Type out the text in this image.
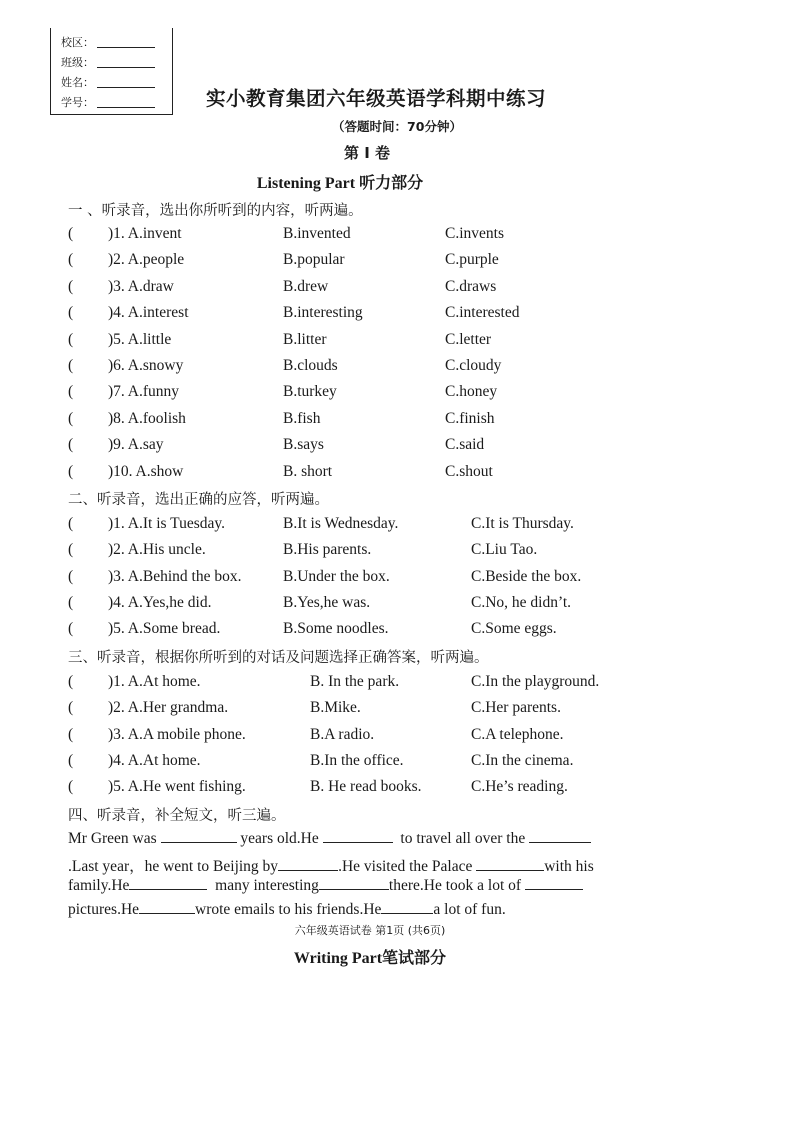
校区：
班级：
姓名：
学号：	实小教育集团六年级英语学科期中练习
（答题时间：70分钟）
第 I 卷
Listening Part 听力部分
一 、听录音，选出你所听到的内容，听两遍。
( )1. A.invent	B.invented	C.invents
( )2. A.people	B.popular	C.purple
( )3. A.draw	B.drew	C.draws
( )4. A.interest	B.interesting	C.interested
( )5. A.little	B.litter	C.letter
( )6. A.snowy	B.clouds	C.cloudy
( )7. A.funny	B.turkey	C.honey
( )8. A.foolish	B.fish	C.finish
( )9. A.say	B.says	C.said
( )10. A.show	B. short	C.shout
二、听录音，选出正确的应答，听两遍。
( )1. A.It is Tuesday.	B.It is Wednesday.	C.It is Thursday.
( )2. A.His uncle.	B.His parents.	C.Liu Tao.
( )3. A.Behind the box.	B.Under the box.	C.Beside the box.
( )4. A.Yes,he did.	B.Yes,he was.	C.No, he didn’t.
( )5. A.Some bread.	B.Some noodles.	C.Some eggs.
三、听录音，根据你所听到的对话及问题选择正确答案，听两遍。
( )1. A.At home.	B. In the park.	C.In the playground.
( )2. A.Her grandma.	B.Mike.	C.Her parents.
( )3. A.A mobile phone.	B.A radio.	C.A telephone.
( )4. A.At home.	B.In the office.	C.In the cinema.
( )5. A.He went fishing.	B. He read books.	C.He’s reading.
四、听录音，补全短文，听三遍。
Mr Green was	years old.He	to travel all over the
.Last year，he went to Beijing by	.He visited the Palace	with his
family.He	many interesting	there.He took a lot of
pictures.He	wrote emails to his friends.He	a lot of fun.
六年级英语试卷 第1页 (共6页)
Writing Part笔试部分
